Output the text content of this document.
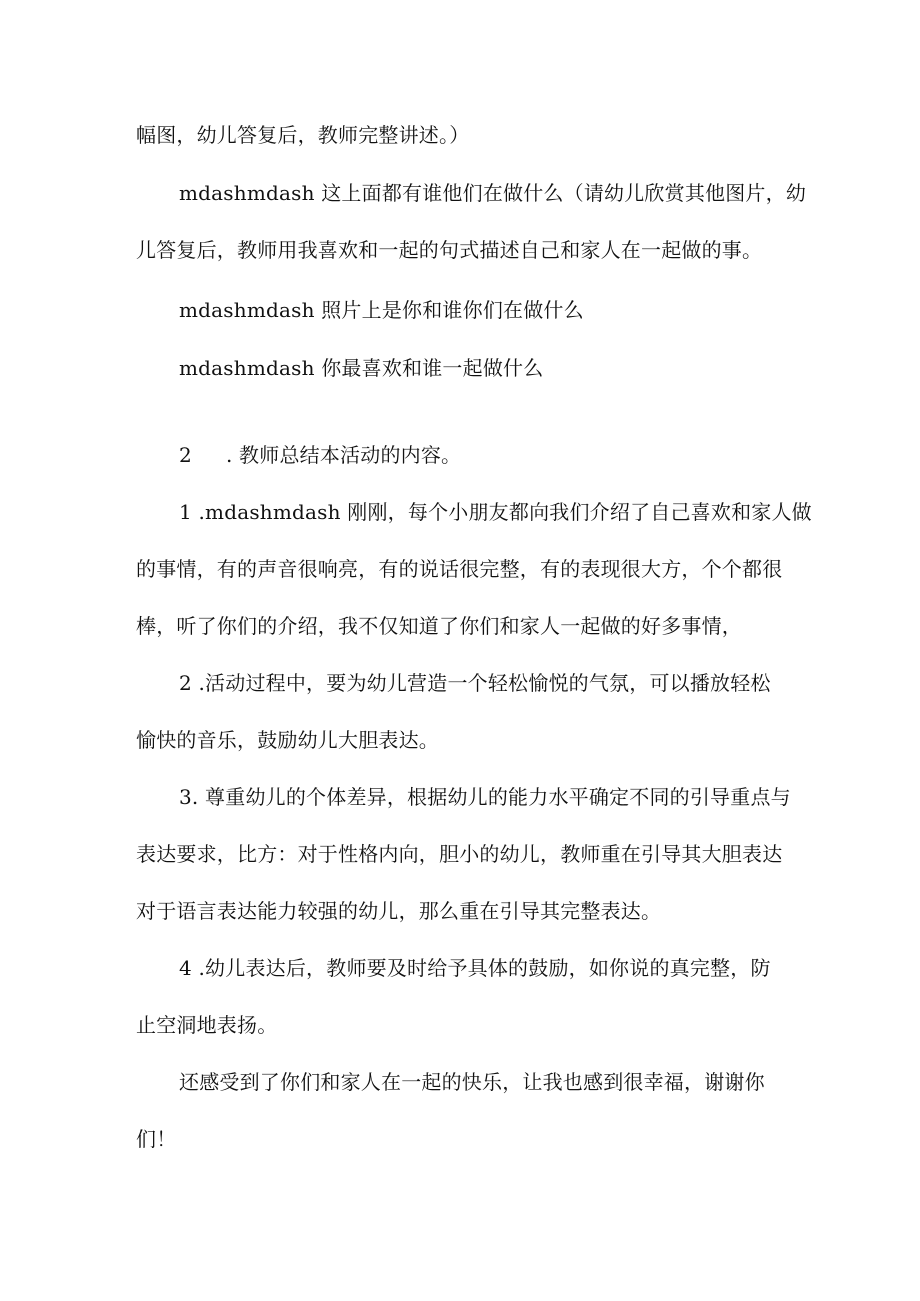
幅图，幼儿答复后，教师完整讲述。）
mdashmdash 这上面都有谁他们在做什么（请幼儿欣赏其他图片，幼
儿答复后，教师用我喜欢和一起的句式描述自己和家人在一起做的事。
mdashmdash 照片上是你和谁你们在做什么
mdashmdash 你最喜欢和谁一起做什么
2 . 教师总结本活动的内容。
1 .mdashmdash 刚刚，每个小朋友都向我们介绍了自己喜欢和家人做
的事情，有的声音很响亮，有的说话很完整，有的表现很大方，个个都很
棒，听了你们的介绍，我不仅知道了你们和家人一起做的好多事情，
2 .活动过程中，要为幼儿营造一个轻松愉悦的气氛，可以播放轻松
愉快的音乐，鼓励幼儿大胆表达。
3. 尊重幼儿的个体差异，根据幼儿的能力水平确定不同的引导重点与
表达要求，比方：对于性格内向，胆小的幼儿，教师重在引导其大胆表达
对于语言表达能力较强的幼儿，那么重在引导其完整表达。
4 .幼儿表达后，教师要及时给予具体的鼓励，如你说的真完整，防
止空洞地表扬。
还感受到了你们和家人在一起的快乐，让我也感到很幸福，谢谢你
们！
